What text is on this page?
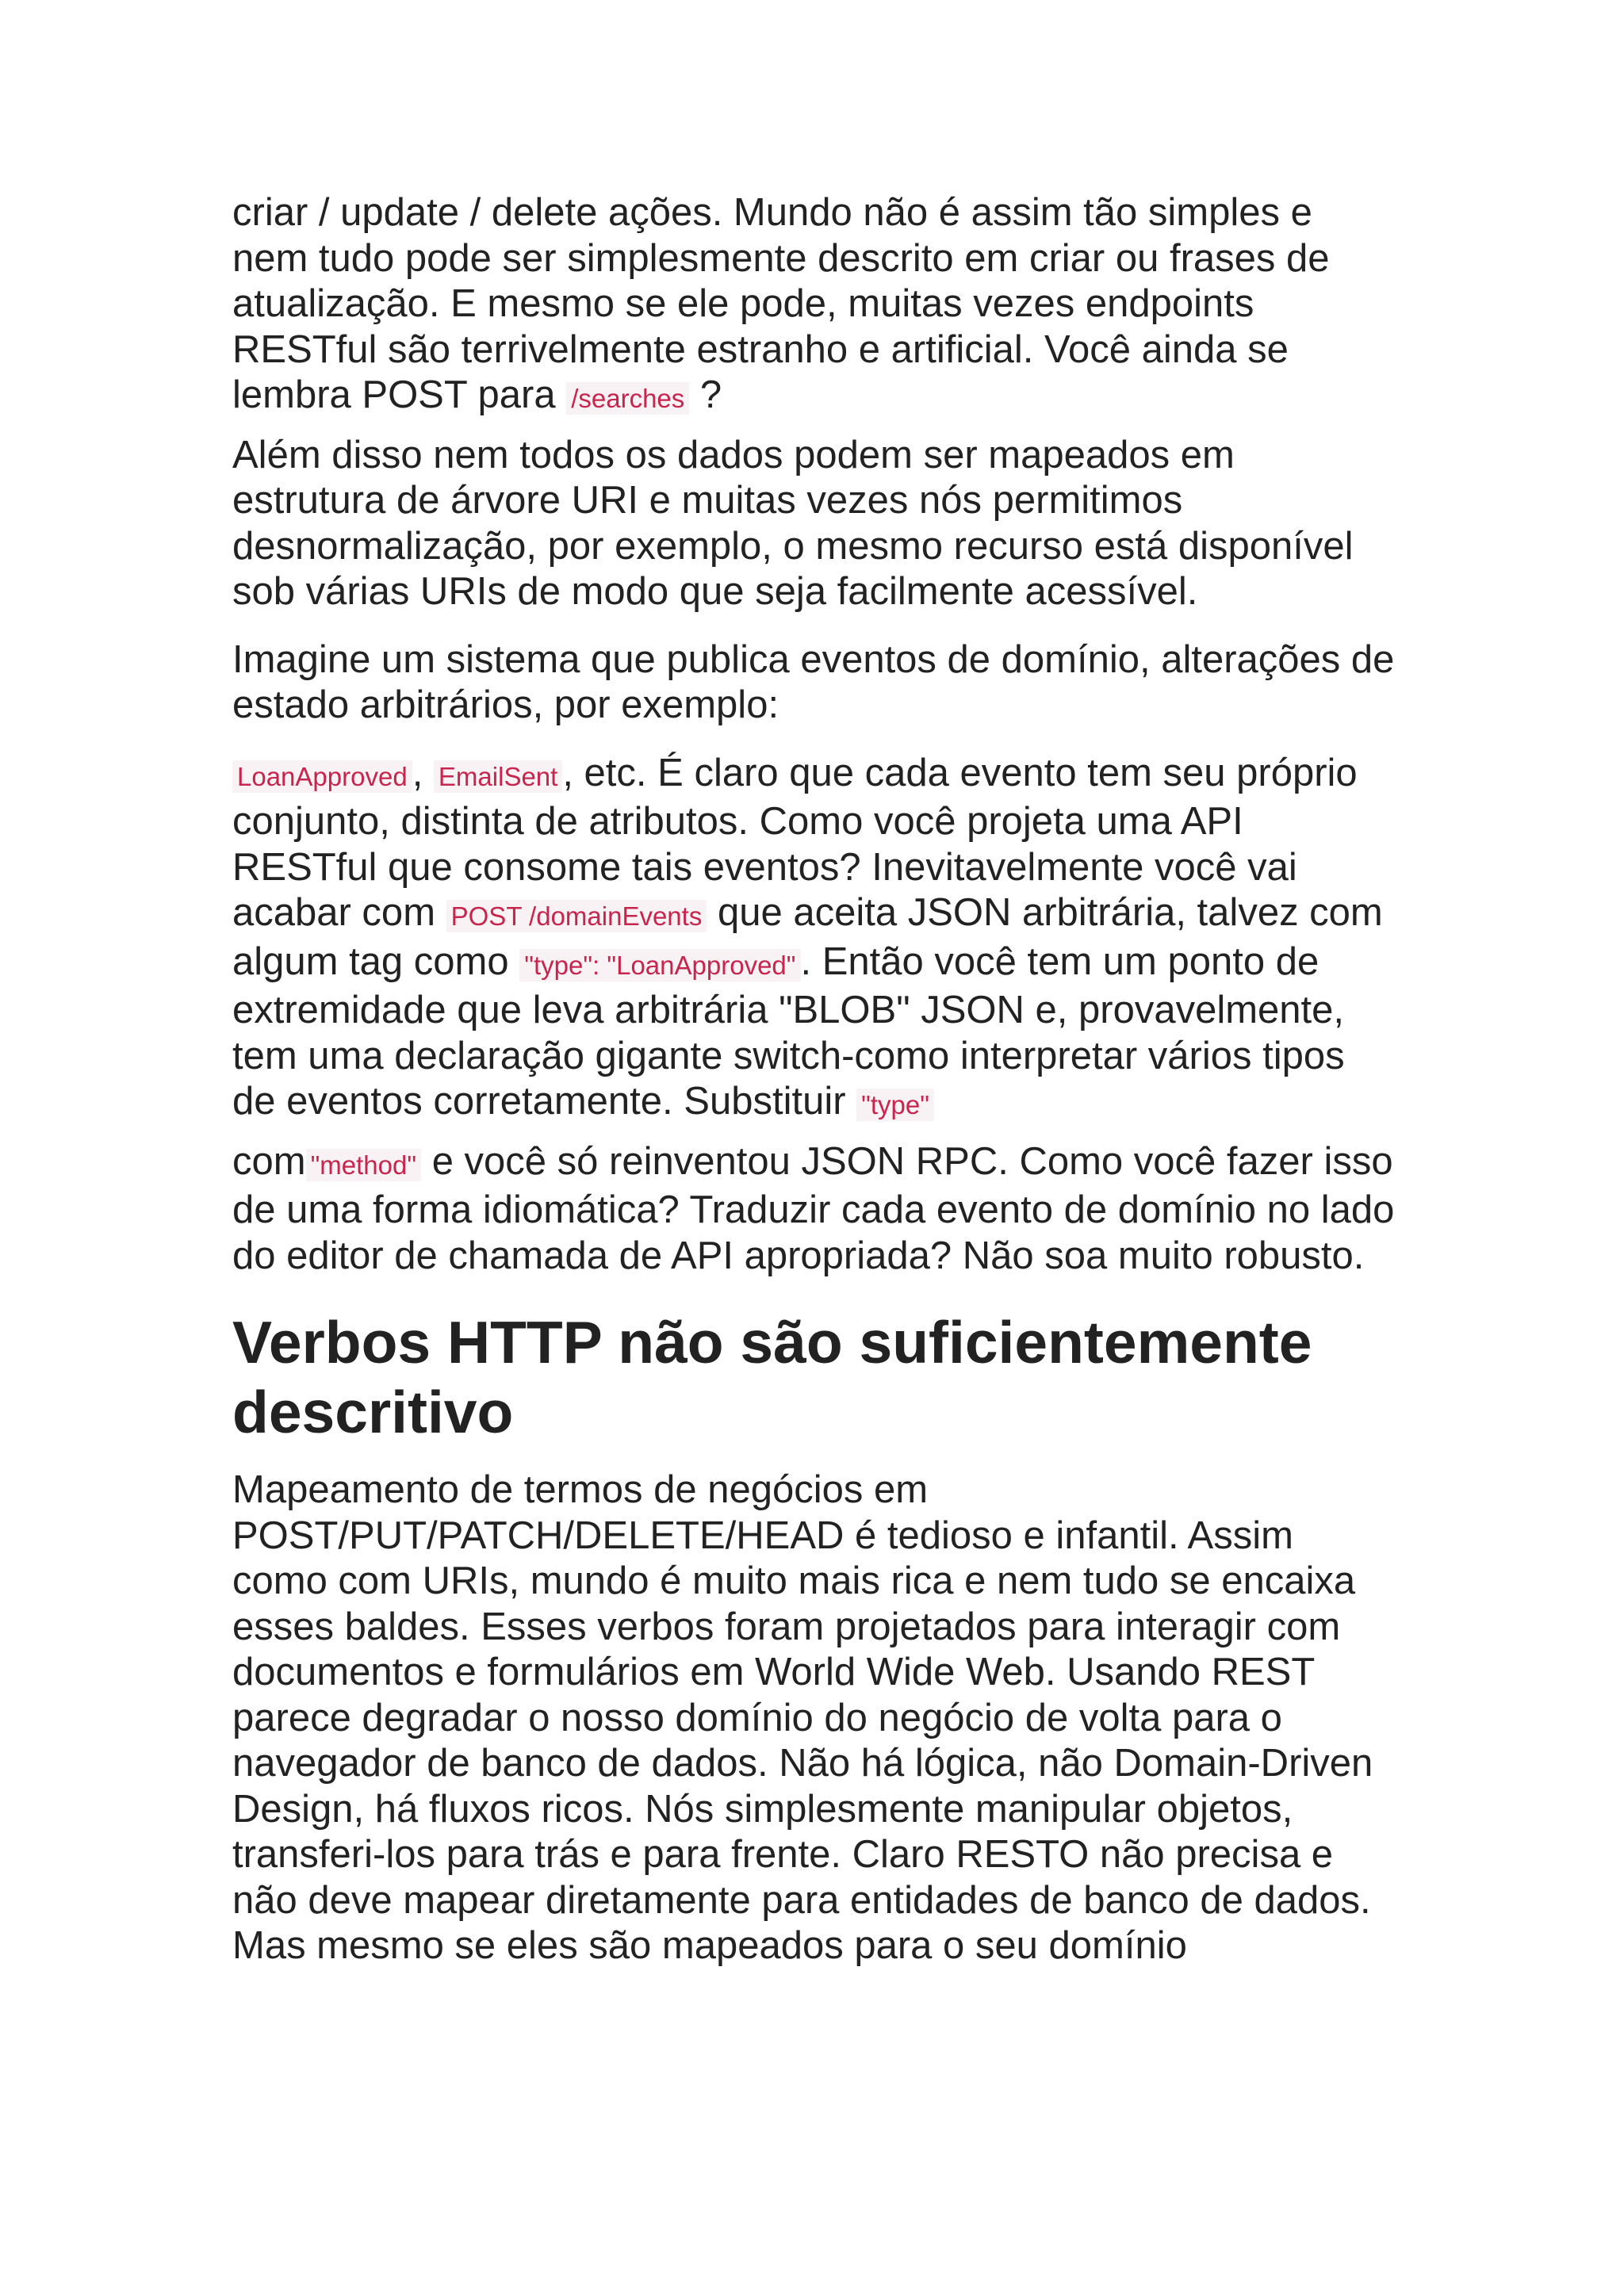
criar / update / delete ações. Mundo não é assim tão simples e nem tudo pode ser simplesmente descrito em criar ou frases de atualização. E mesmo se ele pode, muitas vezes endpoints RESTful são terrivelmente estranho e artificial. Você ainda se lembra POST para /searches ?

Além disso nem todos os dados podem ser mapeados em estrutura de árvore URI e muitas vezes nós permitimos desnormalização, por exemplo, o mesmo recurso está disponível sob várias URIs de modo que seja facilmente acessível.

Imagine um sistema que publica eventos de domínio, alterações de estado arbitrários, por exemplo:

LoanApproved , EmailSent , etc. É claro que cada evento tem seu próprio conjunto, distinta de atributos. Como você projeta uma API RESTful que consome tais eventos? Inevitavelmente você vai acabar com POST /domainEvents que aceita JSON arbitrária, talvez com algum tag como "type": "LoanApproved" . Então você tem um ponto de extremidade que leva arbitrária "BLOB" JSON e, provavelmente, tem uma declaração gigante switch-como interpretar vários tipos de eventos corretamente. Substituir "type"

com "method" e você só reinventou JSON RPC. Como você fazer isso de uma forma idiomática? Traduzir cada evento de domínio no lado do editor de chamada de API apropriada? Não soa muito robusto.

Verbos HTTP não são suficientemente descritivo

Mapeamento de termos de negócios em POST/PUT/PATCH/DELETE/HEAD é tedioso e infantil. Assim como com URIs, mundo é muito mais rica e nem tudo se encaixa esses baldes. Esses verbos foram projetados para interagir com documentos e formulários em World Wide Web. Usando REST parece degradar o nosso domínio do negócio de volta para o navegador de banco de dados. Não há lógica, não Domain-Driven Design, há fluxos ricos. Nós simplesmente manipular objetos, transferi-los para trás e para frente. Claro RESTO não precisa e não deve mapear diretamente para entidades de banco de dados. Mas mesmo se eles são mapeados para o seu domínio
